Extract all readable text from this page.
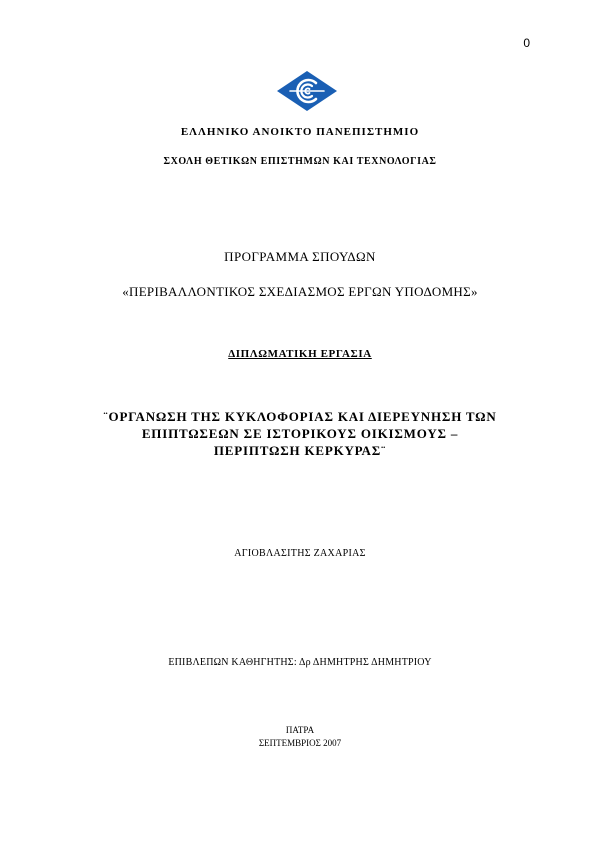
0
ΕΛΛΗΝΙΚΟ ΑΝΟΙΚΤΟ ΠΑΝΕΠΙΣΤΗΜΙΟ
ΣΧΟΛΗ ΘΕΤΙΚΩΝ ΕΠΙΣΤΗΜΩΝ ΚΑΙ ΤΕΧΝΟΛΟΓΙΑΣ
ΠΡΟΓΡΑΜΜΑ ΣΠΟΥΔΩΝ
«ΠΕΡΙΒΑΛΛΟΝΤΙΚΟΣ ΣΧΕΔΙΑΣΜΟΣ ΕΡΓΩΝ ΥΠΟΔΟΜΗΣ»
ΔΙΠΛΩΜΑΤΙΚΗ ΕΡΓΑΣΙΑ
¨ΟΡΓΑΝΩΣΗ ΤΗΣ ΚΥΚΛΟΦΟΡΙΑΣ ΚΑΙ ΔΙΕΡΕΥΝΗΣΗ ΤΩΝ
ΕΠΙΠΤΩΣΕΩΝ ΣΕ ΙΣΤΟΡΙΚΟΥΣ ΟΙΚΙΣΜΟΥΣ –
ΠΕΡΙΠΤΩΣΗ ΚΕΡΚΥΡΑΣ¨
ΑΓΙΟΒΛΑΣΙΤΗΣ ΖΑΧΑΡΙΑΣ
ΕΠΙΒΛΕΠΩΝ ΚΑΘΗΓΗΤΗΣ: Δρ ΔΗΜΗΤΡΗΣ ΔΗΜΗΤΡΙΟΥ
ΠΑΤΡΑ
ΣΕΠΤΕΜΒΡΙΟΣ 2007
